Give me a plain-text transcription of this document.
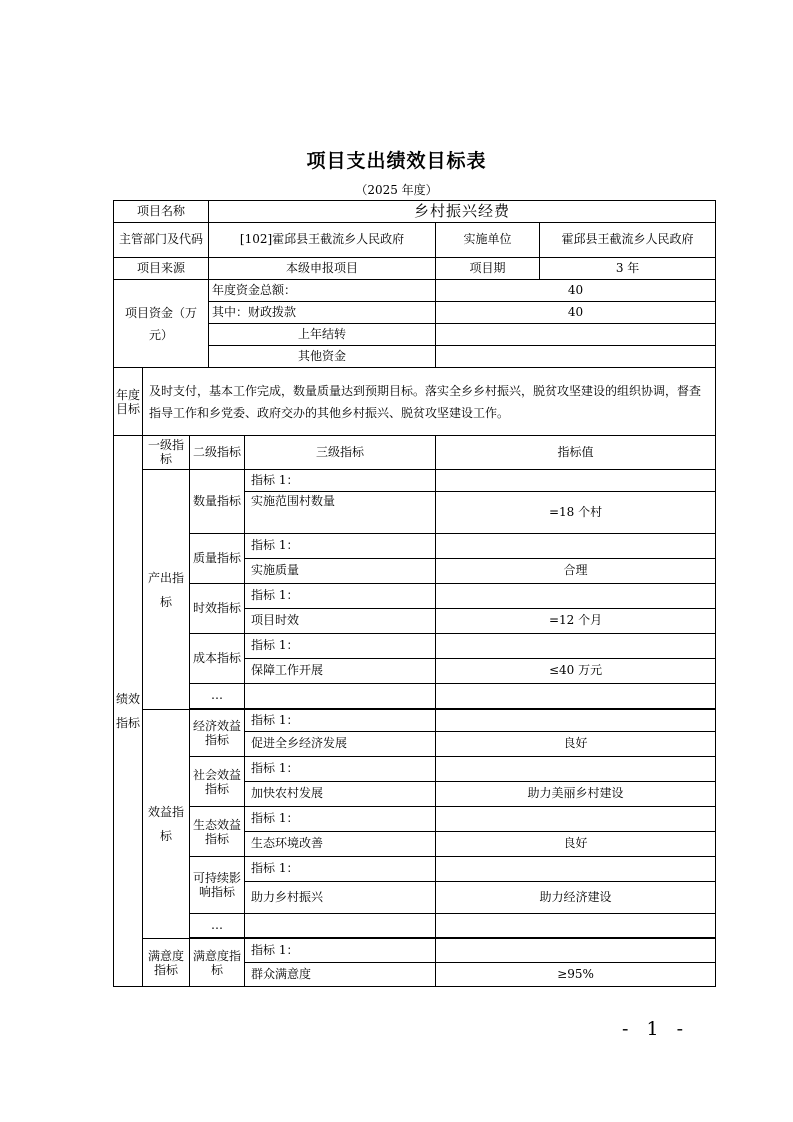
项目支出绩效目标表
（2025 年度）
项目名称			乡村振兴经费			
主管部门及代码			[102]霍邱县王截流乡人民政府		实施单位	霍邱县王截流乡人民政府
项目来源			本级申报项目		项目期	3 年
项目资金（万元）			年度资金总额：		40	
			其中：财政拨款		40	
			上年结转			
			其他资金			
年度目标	及时支付，基本工作完成，数量质量达到预期目标。落实全乡乡村振兴，脱贫攻坚建设的组织协调，督查指导工作和乡党委、政府交办的其他乡村振兴、脱贫攻坚建设工作。					
绩效指标	一级指标	二级指标		三级指标	指标值	
	产出指标	数量指标		指标 1：		
				实施范围村数量	=18 个村	
		质量指标		指标 1：		
				实施质量	合理	
		时效指标		指标 1：		
				项目时效	=12 个月	
		成本指标		指标 1：		
				保障工作开展	≤40 万元	
		…				

	效益指标	经济效益指标		指标 1：		
				促进全乡经济发展	良好	
		社会效益指标		指标 1：		
				加快农村发展	助力美丽乡村建设	
		生态效益指标		指标 1：		
				生态环境改善	良好	
		可持续影响指标		指标 1：		
				助力乡村振兴	助力经济建设	
		…				

	满意度指标	满意度指标		指标 1：		
				群众满意度	≥95%	
- 1 -
